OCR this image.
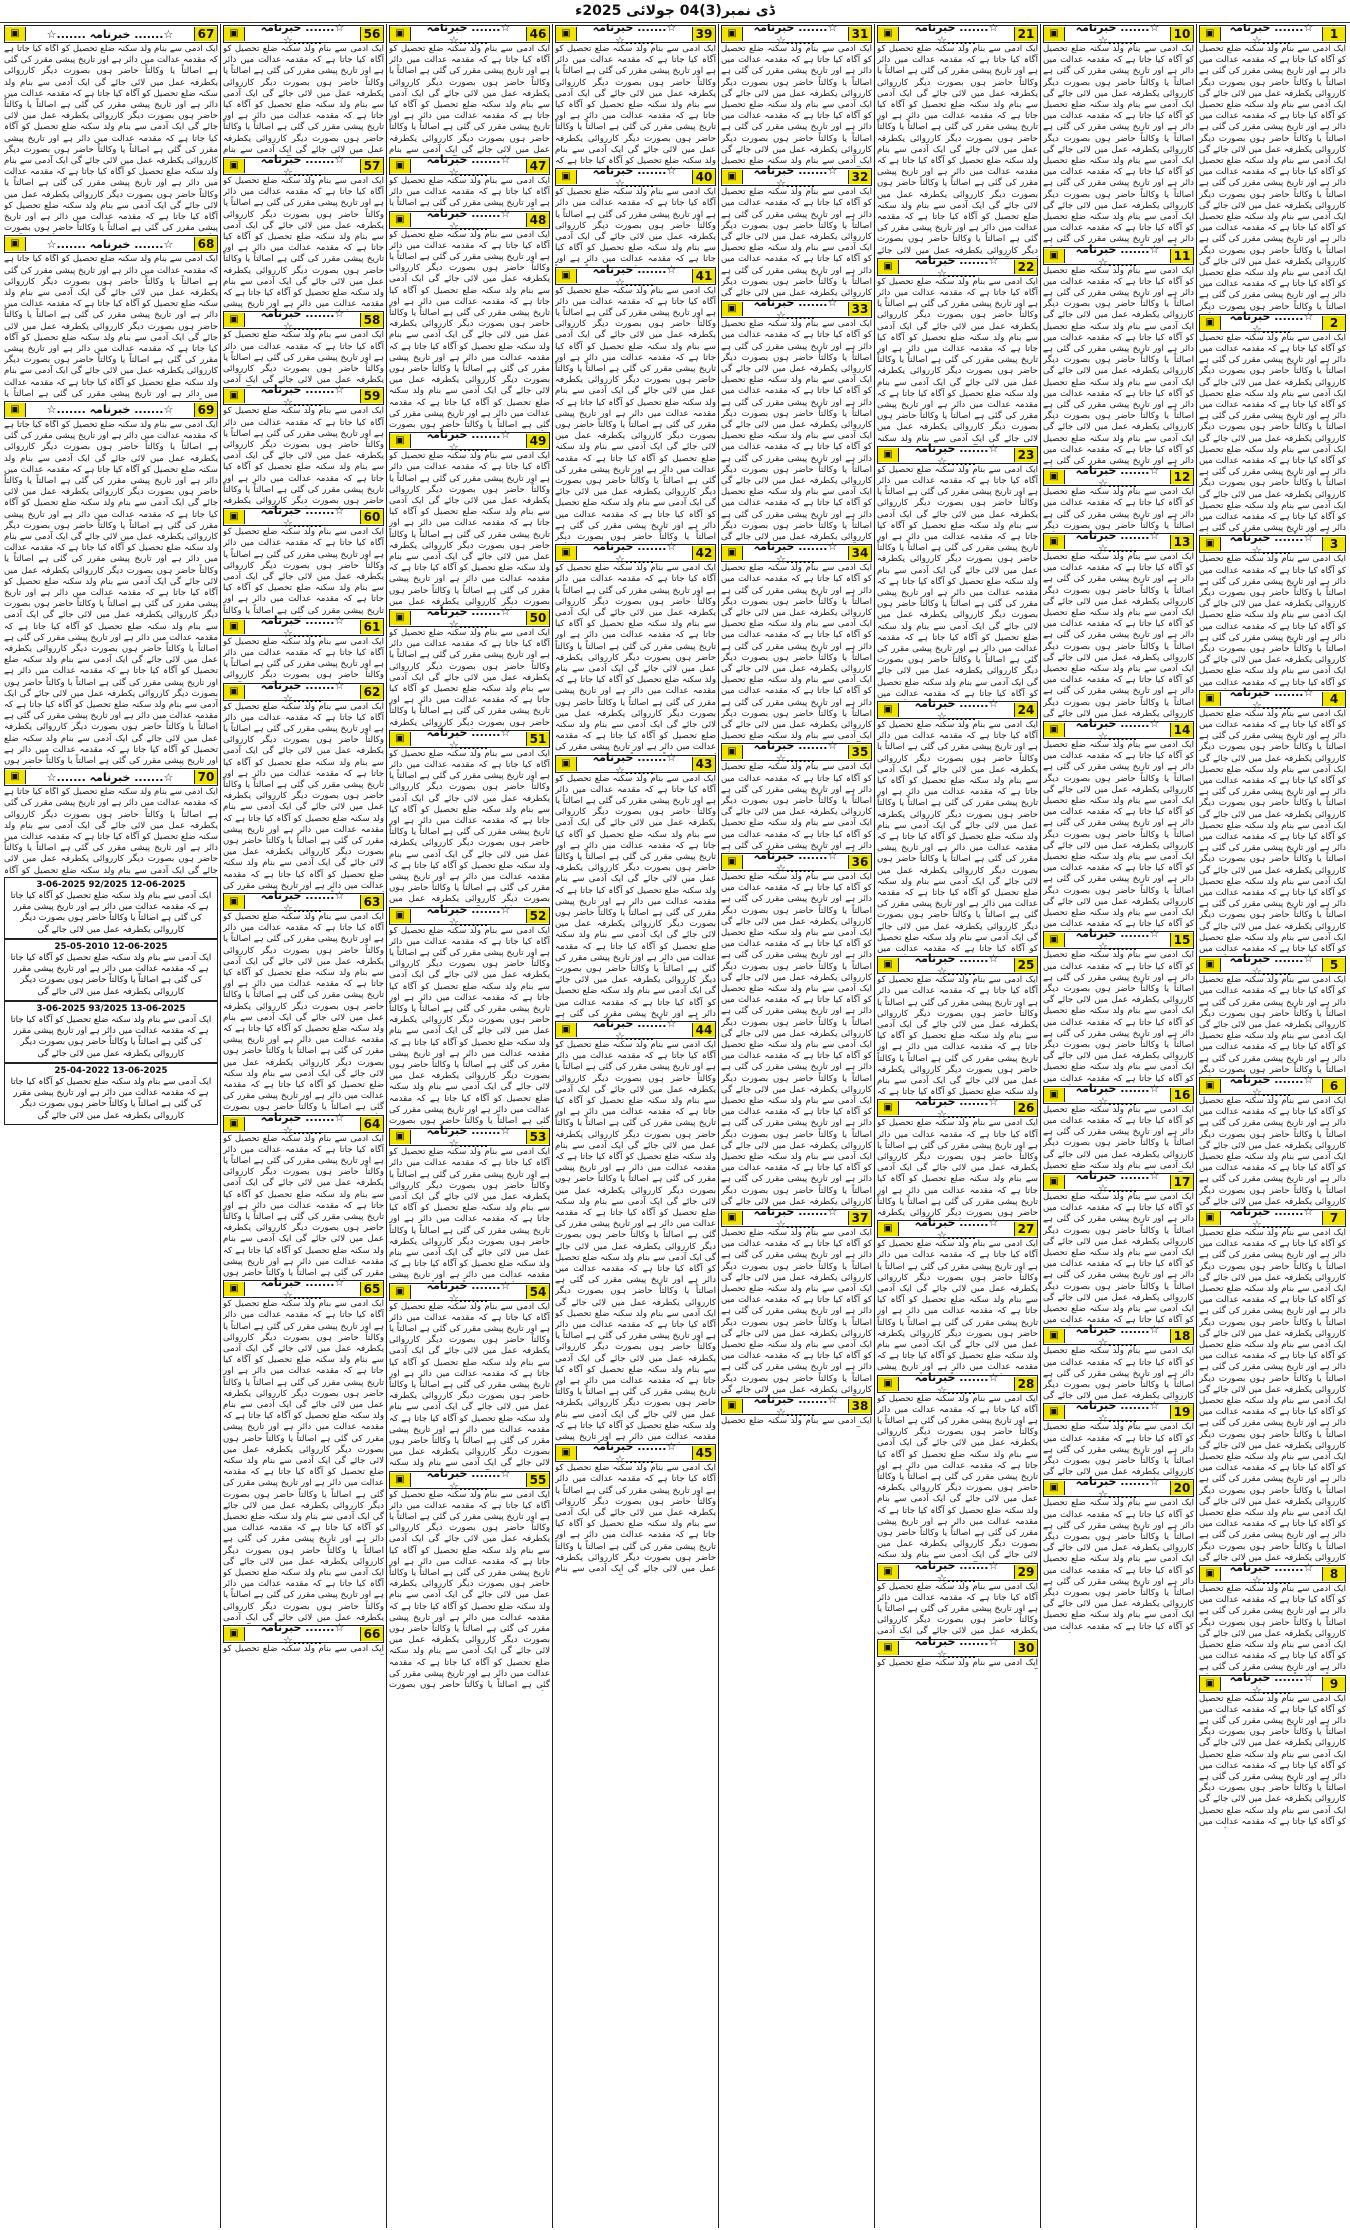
ڈی نمبر(3)04 جولائی 2025ء
1
☆....... خبرنامہ .......☆
▣
ایک آدمی سے بنام ولد سکنہ ضلع تحصیل کو آگاہ کیا جاتا ہے کہ مقدمہ عدالت میں دائر ہے اور تاریخ پیشی مقرر کی گئی ہے اصالتاً یا وکالتاً حاضر ہوں بصورت دیگر کارروائی یکطرفہ عمل میں لائی جائے گی ایک آدمی سے بنام ولد سکنہ ضلع تحصیل کو آگاہ کیا جاتا ہے کہ مقدمہ عدالت میں دائر ہے اور تاریخ پیشی مقرر کی گئی ہے اصالتاً یا وکالتاً حاضر ہوں بصورت دیگر کارروائی یکطرفہ عمل میں لائی جائے گی ایک آدمی سے بنام ولد سکنہ ضلع تحصیل کو آگاہ کیا جاتا ہے کہ مقدمہ عدالت میں دائر ہے اور تاریخ پیشی مقرر کی گئی ہے اصالتاً یا وکالتاً حاضر ہوں بصورت دیگر کارروائی یکطرفہ عمل میں لائی جائے گی ایک آدمی سے بنام ولد سکنہ ضلع تحصیل کو آگاہ کیا جاتا ہے کہ مقدمہ عدالت میں دائر ہے اور تاریخ پیشی مقرر کی گئی ہے اصالتاً یا وکالتاً حاضر ہوں بصورت دیگر کارروائی یکطرفہ عمل میں لائی جائے گی ایک آدمی سے بنام ولد سکنہ ضلع تحصیل کو آگاہ کیا جاتا ہے کہ مقدمہ عدالت میں دائر ہے اور تاریخ پیشی مقرر کی گئی ہے اصالتاً یا وکالتاً حاضر ہوں بصورت دیگر
2
☆....... خبرنامہ .......☆
▣
ایک آدمی سے بنام ولد سکنہ ضلع تحصیل کو آگاہ کیا جاتا ہے کہ مقدمہ عدالت میں دائر ہے اور تاریخ پیشی مقرر کی گئی ہے اصالتاً یا وکالتاً حاضر ہوں بصورت دیگر کارروائی یکطرفہ عمل میں لائی جائے گی ایک آدمی سے بنام ولد سکنہ ضلع تحصیل کو آگاہ کیا جاتا ہے کہ مقدمہ عدالت میں دائر ہے اور تاریخ پیشی مقرر کی گئی ہے اصالتاً یا وکالتاً حاضر ہوں بصورت دیگر کارروائی یکطرفہ عمل میں لائی جائے گی ایک آدمی سے بنام ولد سکنہ ضلع تحصیل کو آگاہ کیا جاتا ہے کہ مقدمہ عدالت میں دائر ہے اور تاریخ پیشی مقرر کی گئی ہے اصالتاً یا وکالتاً حاضر ہوں بصورت دیگر کارروائی یکطرفہ عمل میں لائی جائے گی ایک آدمی سے بنام ولد سکنہ ضلع تحصیل کو آگاہ کیا جاتا ہے کہ مقدمہ عدالت میں دائر ہے اور تاریخ پیشی مقرر کی گئی ہے
3
☆....... خبرنامہ .......☆
▣
ایک آدمی سے بنام ولد سکنہ ضلع تحصیل کو آگاہ کیا جاتا ہے کہ مقدمہ عدالت میں دائر ہے اور تاریخ پیشی مقرر کی گئی ہے اصالتاً یا وکالتاً حاضر ہوں بصورت دیگر کارروائی یکطرفہ عمل میں لائی جائے گی ایک آدمی سے بنام ولد سکنہ ضلع تحصیل کو آگاہ کیا جاتا ہے کہ مقدمہ عدالت میں دائر ہے اور تاریخ پیشی مقرر کی گئی ہے اصالتاً یا وکالتاً حاضر ہوں بصورت دیگر کارروائی یکطرفہ عمل میں لائی جائے گی ایک آدمی سے بنام ولد سکنہ ضلع تحصیل کو آگاہ کیا جاتا ہے کہ مقدمہ عدالت میں
4
☆....... خبرنامہ .......☆
▣
ایک آدمی سے بنام ولد سکنہ ضلع تحصیل کو آگاہ کیا جاتا ہے کہ مقدمہ عدالت میں دائر ہے اور تاریخ پیشی مقرر کی گئی ہے اصالتاً یا وکالتاً حاضر ہوں بصورت دیگر کارروائی یکطرفہ عمل میں لائی جائے گی ایک آدمی سے بنام ولد سکنہ ضلع تحصیل کو آگاہ کیا جاتا ہے کہ مقدمہ عدالت میں دائر ہے اور تاریخ پیشی مقرر کی گئی ہے اصالتاً یا وکالتاً حاضر ہوں بصورت دیگر کارروائی یکطرفہ عمل میں لائی جائے گی ایک آدمی سے بنام ولد سکنہ ضلع تحصیل کو آگاہ کیا جاتا ہے کہ مقدمہ عدالت میں دائر ہے اور تاریخ پیشی مقرر کی گئی ہے اصالتاً یا وکالتاً حاضر ہوں بصورت دیگر کارروائی یکطرفہ عمل میں لائی جائے گی ایک آدمی سے بنام ولد سکنہ ضلع تحصیل کو آگاہ کیا جاتا ہے کہ مقدمہ عدالت میں دائر ہے اور تاریخ پیشی مقرر کی گئی ہے اصالتاً یا وکالتاً حاضر ہوں بصورت دیگر کارروائی یکطرفہ عمل میں لائی جائے گی ایک آدمی سے بنام ولد سکنہ ضلع تحصیل کو آگاہ کیا جاتا ہے کہ مقدمہ عدالت میں
5
☆....... خبرنامہ .......☆
▣
ایک آدمی سے بنام ولد سکنہ ضلع تحصیل کو آگاہ کیا جاتا ہے کہ مقدمہ عدالت میں دائر ہے اور تاریخ پیشی مقرر کی گئی ہے اصالتاً یا وکالتاً حاضر ہوں بصورت دیگر کارروائی یکطرفہ عمل میں لائی جائے گی ایک آدمی سے بنام ولد سکنہ ضلع تحصیل کو آگاہ کیا جاتا ہے کہ مقدمہ عدالت میں دائر ہے اور تاریخ پیشی مقرر کی گئی ہے اصالتاً یا وکالتاً حاضر ہوں بصورت دیگر
6
☆....... خبرنامہ .......☆
▣
ایک آدمی سے بنام ولد سکنہ ضلع تحصیل کو آگاہ کیا جاتا ہے کہ مقدمہ عدالت میں دائر ہے اور تاریخ پیشی مقرر کی گئی ہے اصالتاً یا وکالتاً حاضر ہوں بصورت دیگر کارروائی یکطرفہ عمل میں لائی جائے گی ایک آدمی سے بنام ولد سکنہ ضلع تحصیل کو آگاہ کیا جاتا ہے کہ مقدمہ عدالت میں دائر ہے اور تاریخ پیشی مقرر کی گئی ہے اصالتاً یا وکالتاً حاضر ہوں بصورت دیگر کارروائی یکطرفہ عمل میں لائی جائے گی
7
☆....... خبرنامہ .......☆
▣
ایک آدمی سے بنام ولد سکنہ ضلع تحصیل کو آگاہ کیا جاتا ہے کہ مقدمہ عدالت میں دائر ہے اور تاریخ پیشی مقرر کی گئی ہے اصالتاً یا وکالتاً حاضر ہوں بصورت دیگر کارروائی یکطرفہ عمل میں لائی جائے گی ایک آدمی سے بنام ولد سکنہ ضلع تحصیل کو آگاہ کیا جاتا ہے کہ مقدمہ عدالت میں دائر ہے اور تاریخ پیشی مقرر کی گئی ہے اصالتاً یا وکالتاً حاضر ہوں بصورت دیگر کارروائی یکطرفہ عمل میں لائی جائے گی ایک آدمی سے بنام ولد سکنہ ضلع تحصیل کو آگاہ کیا جاتا ہے کہ مقدمہ عدالت میں دائر ہے اور تاریخ پیشی مقرر کی گئی ہے اصالتاً یا وکالتاً حاضر ہوں بصورت دیگر کارروائی یکطرفہ عمل میں لائی جائے گی ایک آدمی سے بنام ولد سکنہ ضلع تحصیل کو آگاہ کیا جاتا ہے کہ مقدمہ عدالت میں دائر ہے اور تاریخ پیشی مقرر کی گئی ہے اصالتاً یا وکالتاً حاضر ہوں بصورت دیگر کارروائی یکطرفہ عمل میں لائی جائے گی ایک آدمی سے بنام ولد سکنہ ضلع تحصیل کو آگاہ کیا جاتا ہے کہ مقدمہ عدالت میں دائر ہے اور تاریخ پیشی مقرر کی گئی ہے اصالتاً یا وکالتاً حاضر ہوں بصورت دیگر کارروائی یکطرفہ عمل میں لائی جائے گی ایک آدمی سے بنام ولد سکنہ ضلع تحصیل کو آگاہ کیا جاتا ہے کہ مقدمہ عدالت میں دائر ہے اور تاریخ پیشی مقرر کی گئی ہے اصالتاً یا وکالتاً حاضر ہوں بصورت دیگر کارروائی یکطرفہ عمل میں لائی جائے گی
8
☆....... خبرنامہ .......☆
▣
ایک آدمی سے بنام ولد سکنہ ضلع تحصیل کو آگاہ کیا جاتا ہے کہ مقدمہ عدالت میں دائر ہے اور تاریخ پیشی مقرر کی گئی ہے اصالتاً یا وکالتاً حاضر ہوں بصورت دیگر کارروائی یکطرفہ عمل میں لائی جائے گی ایک آدمی سے بنام ولد سکنہ ضلع تحصیل کو آگاہ کیا جاتا ہے کہ مقدمہ عدالت میں دائر ہے اور تاریخ پیشی مقرر کی گئی ہے
9
☆....... خبرنامہ .......☆
▣
ایک آدمی سے بنام ولد سکنہ ضلع تحصیل کو آگاہ کیا جاتا ہے کہ مقدمہ عدالت میں دائر ہے اور تاریخ پیشی مقرر کی گئی ہے اصالتاً یا وکالتاً حاضر ہوں بصورت دیگر کارروائی یکطرفہ عمل میں لائی جائے گی ایک آدمی سے بنام ولد سکنہ ضلع تحصیل کو آگاہ کیا جاتا ہے کہ مقدمہ عدالت میں دائر ہے اور تاریخ پیشی مقرر کی گئی ہے اصالتاً یا وکالتاً حاضر ہوں بصورت دیگر کارروائی یکطرفہ عمل میں لائی جائے گی ایک آدمی سے بنام ولد سکنہ ضلع تحصیل کو آگاہ کیا جاتا ہے کہ مقدمہ عدالت میں
10
☆....... خبرنامہ .......☆
▣
ایک آدمی سے بنام ولد سکنہ ضلع تحصیل کو آگاہ کیا جاتا ہے کہ مقدمہ عدالت میں دائر ہے اور تاریخ پیشی مقرر کی گئی ہے اصالتاً یا وکالتاً حاضر ہوں بصورت دیگر کارروائی یکطرفہ عمل میں لائی جائے گی ایک آدمی سے بنام ولد سکنہ ضلع تحصیل کو آگاہ کیا جاتا ہے کہ مقدمہ عدالت میں دائر ہے اور تاریخ پیشی مقرر کی گئی ہے اصالتاً یا وکالتاً حاضر ہوں بصورت دیگر کارروائی یکطرفہ عمل میں لائی جائے گی ایک آدمی سے بنام ولد سکنہ ضلع تحصیل کو آگاہ کیا جاتا ہے کہ مقدمہ عدالت میں دائر ہے اور تاریخ پیشی مقرر کی گئی ہے اصالتاً یا وکالتاً حاضر ہوں بصورت دیگر کارروائی یکطرفہ عمل میں لائی جائے گی ایک آدمی سے بنام ولد سکنہ ضلع تحصیل کو آگاہ کیا جاتا ہے کہ مقدمہ عدالت میں دائر ہے اور تاریخ پیشی مقرر کی گئی ہے
11
☆....... خبرنامہ .......☆
▣
ایک آدمی سے بنام ولد سکنہ ضلع تحصیل کو آگاہ کیا جاتا ہے کہ مقدمہ عدالت میں دائر ہے اور تاریخ پیشی مقرر کی گئی ہے اصالتاً یا وکالتاً حاضر ہوں بصورت دیگر کارروائی یکطرفہ عمل میں لائی جائے گی ایک آدمی سے بنام ولد سکنہ ضلع تحصیل کو آگاہ کیا جاتا ہے کہ مقدمہ عدالت میں دائر ہے اور تاریخ پیشی مقرر کی گئی ہے اصالتاً یا وکالتاً حاضر ہوں بصورت دیگر کارروائی یکطرفہ عمل میں لائی جائے گی ایک آدمی سے بنام ولد سکنہ ضلع تحصیل کو آگاہ کیا جاتا ہے کہ مقدمہ عدالت میں دائر ہے اور تاریخ پیشی مقرر کی گئی ہے اصالتاً یا وکالتاً حاضر ہوں بصورت دیگر کارروائی یکطرفہ عمل میں لائی جائے گی ایک آدمی سے بنام ولد سکنہ ضلع تحصیل کو آگاہ کیا جاتا ہے کہ مقدمہ عدالت میں دائر ہے اور تاریخ پیشی مقرر کی گئی ہے
12
☆....... خبرنامہ .......☆
▣
ایک آدمی سے بنام ولد سکنہ ضلع تحصیل کو آگاہ کیا جاتا ہے کہ مقدمہ عدالت میں دائر ہے اور تاریخ پیشی مقرر کی گئی ہے اصالتاً یا وکالتاً حاضر ہوں بصورت دیگر
13
☆....... خبرنامہ .......☆
▣
ایک آدمی سے بنام ولد سکنہ ضلع تحصیل کو آگاہ کیا جاتا ہے کہ مقدمہ عدالت میں دائر ہے اور تاریخ پیشی مقرر کی گئی ہے اصالتاً یا وکالتاً حاضر ہوں بصورت دیگر کارروائی یکطرفہ عمل میں لائی جائے گی ایک آدمی سے بنام ولد سکنہ ضلع تحصیل کو آگاہ کیا جاتا ہے کہ مقدمہ عدالت میں دائر ہے اور تاریخ پیشی مقرر کی گئی ہے اصالتاً یا وکالتاً حاضر ہوں بصورت دیگر کارروائی یکطرفہ عمل میں لائی جائے گی ایک آدمی سے بنام ولد سکنہ ضلع تحصیل کو آگاہ کیا جاتا ہے کہ مقدمہ عدالت میں دائر ہے اور تاریخ پیشی مقرر کی گئی ہے اصالتاً یا وکالتاً حاضر ہوں بصورت دیگر کارروائی یکطرفہ عمل میں لائی جائے گی
14
☆....... خبرنامہ .......☆
▣
ایک آدمی سے بنام ولد سکنہ ضلع تحصیل کو آگاہ کیا جاتا ہے کہ مقدمہ عدالت میں دائر ہے اور تاریخ پیشی مقرر کی گئی ہے اصالتاً یا وکالتاً حاضر ہوں بصورت دیگر کارروائی یکطرفہ عمل میں لائی جائے گی ایک آدمی سے بنام ولد سکنہ ضلع تحصیل کو آگاہ کیا جاتا ہے کہ مقدمہ عدالت میں دائر ہے اور تاریخ پیشی مقرر کی گئی ہے اصالتاً یا وکالتاً حاضر ہوں بصورت دیگر کارروائی یکطرفہ عمل میں لائی جائے گی ایک آدمی سے بنام ولد سکنہ ضلع تحصیل کو آگاہ کیا جاتا ہے کہ مقدمہ عدالت میں دائر ہے اور تاریخ پیشی مقرر کی گئی ہے اصالتاً یا وکالتاً حاضر ہوں بصورت دیگر کارروائی یکطرفہ عمل میں لائی جائے گی ایک آدمی سے بنام ولد سکنہ ضلع تحصیل کو آگاہ کیا جاتا ہے کہ مقدمہ عدالت میں
15
☆....... خبرنامہ .......☆
▣
ایک آدمی سے بنام ولد سکنہ ضلع تحصیل کو آگاہ کیا جاتا ہے کہ مقدمہ عدالت میں دائر ہے اور تاریخ پیشی مقرر کی گئی ہے اصالتاً یا وکالتاً حاضر ہوں بصورت دیگر کارروائی یکطرفہ عمل میں لائی جائے گی ایک آدمی سے بنام ولد سکنہ ضلع تحصیل کو آگاہ کیا جاتا ہے کہ مقدمہ عدالت میں دائر ہے اور تاریخ پیشی مقرر کی گئی ہے اصالتاً یا وکالتاً حاضر ہوں بصورت دیگر کارروائی یکطرفہ عمل میں لائی جائے گی ایک آدمی سے بنام ولد سکنہ ضلع تحصیل کو آگاہ کیا جاتا ہے کہ مقدمہ عدالت میں
16
☆....... خبرنامہ .......☆
▣
ایک آدمی سے بنام ولد سکنہ ضلع تحصیل کو آگاہ کیا جاتا ہے کہ مقدمہ عدالت میں دائر ہے اور تاریخ پیشی مقرر کی گئی ہے اصالتاً یا وکالتاً حاضر ہوں بصورت دیگر کارروائی یکطرفہ عمل میں لائی جائے گی ایک آدمی سے بنام ولد سکنہ ضلع تحصیل
17
☆....... خبرنامہ .......☆
▣
ایک آدمی سے بنام ولد سکنہ ضلع تحصیل کو آگاہ کیا جاتا ہے کہ مقدمہ عدالت میں دائر ہے اور تاریخ پیشی مقرر کی گئی ہے اصالتاً یا وکالتاً حاضر ہوں بصورت دیگر کارروائی یکطرفہ عمل میں لائی جائے گی ایک آدمی سے بنام ولد سکنہ ضلع تحصیل کو آگاہ کیا جاتا ہے کہ مقدمہ عدالت میں دائر ہے اور تاریخ پیشی مقرر کی گئی ہے اصالتاً یا وکالتاً حاضر ہوں بصورت دیگر کارروائی یکطرفہ عمل میں لائی جائے گی ایک آدمی سے بنام ولد سکنہ ضلع تحصیل کو آگاہ کیا جاتا ہے کہ مقدمہ عدالت میں
18
☆....... خبرنامہ .......☆
▣
ایک آدمی سے بنام ولد سکنہ ضلع تحصیل کو آگاہ کیا جاتا ہے کہ مقدمہ عدالت میں دائر ہے اور تاریخ پیشی مقرر کی گئی ہے اصالتاً یا وکالتاً حاضر ہوں بصورت دیگر کارروائی یکطرفہ عمل میں لائی جائے گی
19
☆....... خبرنامہ .......☆
▣
ایک آدمی سے بنام ولد سکنہ ضلع تحصیل کو آگاہ کیا جاتا ہے کہ مقدمہ عدالت میں دائر ہے اور تاریخ پیشی مقرر کی گئی ہے اصالتاً یا وکالتاً حاضر ہوں بصورت دیگر کارروائی یکطرفہ عمل میں لائی جائے گی
20
☆....... خبرنامہ .......☆
▣
ایک آدمی سے بنام ولد سکنہ ضلع تحصیل کو آگاہ کیا جاتا ہے کہ مقدمہ عدالت میں دائر ہے اور تاریخ پیشی مقرر کی گئی ہے اصالتاً یا وکالتاً حاضر ہوں بصورت دیگر کارروائی یکطرفہ عمل میں لائی جائے گی ایک آدمی سے بنام ولد سکنہ ضلع تحصیل کو آگاہ کیا جاتا ہے کہ مقدمہ عدالت میں دائر ہے اور تاریخ پیشی مقرر کی گئی ہے اصالتاً یا وکالتاً حاضر ہوں بصورت دیگر کارروائی یکطرفہ عمل میں لائی جائے گی ایک آدمی سے بنام ولد سکنہ ضلع تحصیل کو آگاہ کیا جاتا ہے کہ مقدمہ عدالت میں
21
☆....... خبرنامہ .......☆
▣
ایک آدمی سے بنام ولد سکنہ ضلع تحصیل کو آگاہ کیا جاتا ہے کہ مقدمہ عدالت میں دائر ہے اور تاریخ پیشی مقرر کی گئی ہے اصالتاً یا وکالتاً حاضر ہوں بصورت دیگر کارروائی یکطرفہ عمل میں لائی جائے گی ایک آدمی سے بنام ولد سکنہ ضلع تحصیل کو آگاہ کیا جاتا ہے کہ مقدمہ عدالت میں دائر ہے اور تاریخ پیشی مقرر کی گئی ہے اصالتاً یا وکالتاً حاضر ہوں بصورت دیگر کارروائی یکطرفہ عمل میں لائی جائے گی ایک آدمی سے بنام ولد سکنہ ضلع تحصیل کو آگاہ کیا جاتا ہے کہ مقدمہ عدالت میں دائر ہے اور تاریخ پیشی مقرر کی گئی ہے اصالتاً یا وکالتاً حاضر ہوں بصورت دیگر کارروائی یکطرفہ عمل میں لائی جائے گی ایک آدمی سے بنام ولد سکنہ ضلع تحصیل کو آگاہ کیا جاتا ہے کہ مقدمہ عدالت میں دائر ہے اور تاریخ پیشی مقرر کی گئی ہے اصالتاً یا وکالتاً حاضر ہوں بصورت دیگر کارروائی یکطرفہ عمل میں لائی جائے
22
☆....... خبرنامہ .......☆
▣
ایک آدمی سے بنام ولد سکنہ ضلع تحصیل کو آگاہ کیا جاتا ہے کہ مقدمہ عدالت میں دائر ہے اور تاریخ پیشی مقرر کی گئی ہے اصالتاً یا وکالتاً حاضر ہوں بصورت دیگر کارروائی یکطرفہ عمل میں لائی جائے گی ایک آدمی سے بنام ولد سکنہ ضلع تحصیل کو آگاہ کیا جاتا ہے کہ مقدمہ عدالت میں دائر ہے اور تاریخ پیشی مقرر کی گئی ہے اصالتاً یا وکالتاً حاضر ہوں بصورت دیگر کارروائی یکطرفہ عمل میں لائی جائے گی ایک آدمی سے بنام ولد سکنہ ضلع تحصیل کو آگاہ کیا جاتا ہے کہ مقدمہ عدالت میں دائر ہے اور تاریخ پیشی مقرر کی گئی ہے اصالتاً یا وکالتاً حاضر ہوں بصورت دیگر کارروائی یکطرفہ عمل میں لائی جائے گی ایک آدمی سے بنام ولد سکنہ
23
☆....... خبرنامہ .......☆
▣
ایک آدمی سے بنام ولد سکنہ ضلع تحصیل کو آگاہ کیا جاتا ہے کہ مقدمہ عدالت میں دائر ہے اور تاریخ پیشی مقرر کی گئی ہے اصالتاً یا وکالتاً حاضر ہوں بصورت دیگر کارروائی یکطرفہ عمل میں لائی جائے گی ایک آدمی سے بنام ولد سکنہ ضلع تحصیل کو آگاہ کیا جاتا ہے کہ مقدمہ عدالت میں دائر ہے اور تاریخ پیشی مقرر کی گئی ہے اصالتاً یا وکالتاً حاضر ہوں بصورت دیگر کارروائی یکطرفہ عمل میں لائی جائے گی ایک آدمی سے بنام ولد سکنہ ضلع تحصیل کو آگاہ کیا جاتا ہے کہ مقدمہ عدالت میں دائر ہے اور تاریخ پیشی مقرر کی گئی ہے اصالتاً یا وکالتاً حاضر ہوں بصورت دیگر کارروائی یکطرفہ عمل میں لائی جائے گی ایک آدمی سے بنام ولد سکنہ ضلع تحصیل کو آگاہ کیا جاتا ہے کہ مقدمہ عدالت میں دائر ہے اور تاریخ پیشی مقرر کی گئی ہے اصالتاً یا وکالتاً حاضر ہوں بصورت دیگر کارروائی یکطرفہ عمل میں لائی جائے گی ایک آدمی سے بنام ولد سکنہ ضلع تحصیل کو آگاہ کیا جاتا ہے کہ مقدمہ عدالت میں
24
☆....... خبرنامہ .......☆
▣
ایک آدمی سے بنام ولد سکنہ ضلع تحصیل کو آگاہ کیا جاتا ہے کہ مقدمہ عدالت میں دائر ہے اور تاریخ پیشی مقرر کی گئی ہے اصالتاً یا وکالتاً حاضر ہوں بصورت دیگر کارروائی یکطرفہ عمل میں لائی جائے گی ایک آدمی سے بنام ولد سکنہ ضلع تحصیل کو آگاہ کیا جاتا ہے کہ مقدمہ عدالت میں دائر ہے اور تاریخ پیشی مقرر کی گئی ہے اصالتاً یا وکالتاً حاضر ہوں بصورت دیگر کارروائی یکطرفہ عمل میں لائی جائے گی ایک آدمی سے بنام ولد سکنہ ضلع تحصیل کو آگاہ کیا جاتا ہے کہ مقدمہ عدالت میں دائر ہے اور تاریخ پیشی مقرر کی گئی ہے اصالتاً یا وکالتاً حاضر ہوں بصورت دیگر کارروائی یکطرفہ عمل میں لائی جائے گی ایک آدمی سے بنام ولد سکنہ ضلع تحصیل کو آگاہ کیا جاتا ہے کہ مقدمہ عدالت میں دائر ہے اور تاریخ پیشی مقرر کی گئی ہے اصالتاً یا وکالتاً حاضر ہوں بصورت دیگر کارروائی یکطرفہ عمل میں لائی جائے گی ایک آدمی سے بنام ولد سکنہ ضلع تحصیل کو آگاہ کیا جاتا ہے کہ مقدمہ عدالت میں
25
☆....... خبرنامہ .......☆
▣
ایک آدمی سے بنام ولد سکنہ ضلع تحصیل کو آگاہ کیا جاتا ہے کہ مقدمہ عدالت میں دائر ہے اور تاریخ پیشی مقرر کی گئی ہے اصالتاً یا وکالتاً حاضر ہوں بصورت دیگر کارروائی یکطرفہ عمل میں لائی جائے گی ایک آدمی سے بنام ولد سکنہ ضلع تحصیل کو آگاہ کیا جاتا ہے کہ مقدمہ عدالت میں دائر ہے اور تاریخ پیشی مقرر کی گئی ہے اصالتاً یا وکالتاً حاضر ہوں بصورت دیگر کارروائی یکطرفہ عمل میں لائی جائے گی ایک آدمی سے بنام ولد سکنہ ضلع تحصیل کو آگاہ کیا جاتا ہے کہ
26
☆....... خبرنامہ .......☆
▣
ایک آدمی سے بنام ولد سکنہ ضلع تحصیل کو آگاہ کیا جاتا ہے کہ مقدمہ عدالت میں دائر ہے اور تاریخ پیشی مقرر کی گئی ہے اصالتاً یا وکالتاً حاضر ہوں بصورت دیگر کارروائی یکطرفہ عمل میں لائی جائے گی ایک آدمی سے بنام ولد سکنہ ضلع تحصیل کو آگاہ کیا جاتا ہے کہ مقدمہ عدالت میں دائر ہے اور تاریخ پیشی مقرر کی گئی ہے اصالتاً یا وکالتاً حاضر ہوں بصورت دیگر کارروائی یکطرفہ
27
☆....... خبرنامہ .......☆
▣
ایک آدمی سے بنام ولد سکنہ ضلع تحصیل کو آگاہ کیا جاتا ہے کہ مقدمہ عدالت میں دائر ہے اور تاریخ پیشی مقرر کی گئی ہے اصالتاً یا وکالتاً حاضر ہوں بصورت دیگر کارروائی یکطرفہ عمل میں لائی جائے گی ایک آدمی سے بنام ولد سکنہ ضلع تحصیل کو آگاہ کیا جاتا ہے کہ مقدمہ عدالت میں دائر ہے اور تاریخ پیشی مقرر کی گئی ہے اصالتاً یا وکالتاً حاضر ہوں بصورت دیگر کارروائی یکطرفہ عمل میں لائی جائے گی ایک آدمی سے بنام ولد سکنہ ضلع تحصیل کو آگاہ کیا جاتا ہے کہ مقدمہ عدالت میں دائر ہے اور تاریخ پیشی
28
☆....... خبرنامہ .......☆
▣
ایک آدمی سے بنام ولد سکنہ ضلع تحصیل کو آگاہ کیا جاتا ہے کہ مقدمہ عدالت میں دائر ہے اور تاریخ پیشی مقرر کی گئی ہے اصالتاً یا وکالتاً حاضر ہوں بصورت دیگر کارروائی یکطرفہ عمل میں لائی جائے گی ایک آدمی سے بنام ولد سکنہ ضلع تحصیل کو آگاہ کیا جاتا ہے کہ مقدمہ عدالت میں دائر ہے اور تاریخ پیشی مقرر کی گئی ہے اصالتاً یا وکالتاً حاضر ہوں بصورت دیگر کارروائی یکطرفہ عمل میں لائی جائے گی ایک آدمی سے بنام ولد سکنہ ضلع تحصیل کو آگاہ کیا جاتا ہے کہ مقدمہ عدالت میں دائر ہے اور تاریخ پیشی مقرر کی گئی ہے اصالتاً یا وکالتاً حاضر ہوں بصورت دیگر کارروائی یکطرفہ عمل میں لائی جائے گی ایک آدمی سے بنام ولد سکنہ
29
☆....... خبرنامہ .......☆
▣
ایک آدمی سے بنام ولد سکنہ ضلع تحصیل کو آگاہ کیا جاتا ہے کہ مقدمہ عدالت میں دائر ہے اور تاریخ پیشی مقرر کی گئی ہے اصالتاً یا وکالتاً حاضر ہوں بصورت دیگر کارروائی یکطرفہ عمل میں لائی جائے گی ایک آدمی
30
☆....... خبرنامہ .......☆
▣
ایک آدمی سے بنام ولد سکنہ ضلع تحصیل کو
31
☆....... خبرنامہ .......☆
▣
ایک آدمی سے بنام ولد سکنہ ضلع تحصیل کو آگاہ کیا جاتا ہے کہ مقدمہ عدالت میں دائر ہے اور تاریخ پیشی مقرر کی گئی ہے اصالتاً یا وکالتاً حاضر ہوں بصورت دیگر کارروائی یکطرفہ عمل میں لائی جائے گی ایک آدمی سے بنام ولد سکنہ ضلع تحصیل کو آگاہ کیا جاتا ہے کہ مقدمہ عدالت میں دائر ہے اور تاریخ پیشی مقرر کی گئی ہے اصالتاً یا وکالتاً حاضر ہوں بصورت دیگر کارروائی یکطرفہ عمل میں لائی جائے گی ایک آدمی سے بنام ولد سکنہ ضلع تحصیل
32
☆....... خبرنامہ .......☆
▣
ایک آدمی سے بنام ولد سکنہ ضلع تحصیل کو آگاہ کیا جاتا ہے کہ مقدمہ عدالت میں دائر ہے اور تاریخ پیشی مقرر کی گئی ہے اصالتاً یا وکالتاً حاضر ہوں بصورت دیگر کارروائی یکطرفہ عمل میں لائی جائے گی ایک آدمی سے بنام ولد سکنہ ضلع تحصیل کو آگاہ کیا جاتا ہے کہ مقدمہ عدالت میں دائر ہے اور تاریخ پیشی مقرر کی گئی ہے اصالتاً یا وکالتاً حاضر ہوں بصورت دیگر کارروائی یکطرفہ عمل میں لائی جائے گی
33
☆....... خبرنامہ .......☆
▣
ایک آدمی سے بنام ولد سکنہ ضلع تحصیل کو آگاہ کیا جاتا ہے کہ مقدمہ عدالت میں دائر ہے اور تاریخ پیشی مقرر کی گئی ہے اصالتاً یا وکالتاً حاضر ہوں بصورت دیگر کارروائی یکطرفہ عمل میں لائی جائے گی ایک آدمی سے بنام ولد سکنہ ضلع تحصیل کو آگاہ کیا جاتا ہے کہ مقدمہ عدالت میں دائر ہے اور تاریخ پیشی مقرر کی گئی ہے اصالتاً یا وکالتاً حاضر ہوں بصورت دیگر کارروائی یکطرفہ عمل میں لائی جائے گی ایک آدمی سے بنام ولد سکنہ ضلع تحصیل کو آگاہ کیا جاتا ہے کہ مقدمہ عدالت میں دائر ہے اور تاریخ پیشی مقرر کی گئی ہے اصالتاً یا وکالتاً حاضر ہوں بصورت دیگر کارروائی یکطرفہ عمل میں لائی جائے گی ایک آدمی سے بنام ولد سکنہ ضلع تحصیل کو آگاہ کیا جاتا ہے کہ مقدمہ عدالت میں دائر ہے اور تاریخ پیشی مقرر کی گئی ہے اصالتاً یا وکالتاً حاضر ہوں بصورت دیگر کارروائی یکطرفہ عمل میں لائی جائے گی
34
☆....... خبرنامہ .......☆
▣
ایک آدمی سے بنام ولد سکنہ ضلع تحصیل کو آگاہ کیا جاتا ہے کہ مقدمہ عدالت میں دائر ہے اور تاریخ پیشی مقرر کی گئی ہے اصالتاً یا وکالتاً حاضر ہوں بصورت دیگر کارروائی یکطرفہ عمل میں لائی جائے گی ایک آدمی سے بنام ولد سکنہ ضلع تحصیل کو آگاہ کیا جاتا ہے کہ مقدمہ عدالت میں دائر ہے اور تاریخ پیشی مقرر کی گئی ہے اصالتاً یا وکالتاً حاضر ہوں بصورت دیگر کارروائی یکطرفہ عمل میں لائی جائے گی ایک آدمی سے بنام ولد سکنہ ضلع تحصیل کو آگاہ کیا جاتا ہے کہ مقدمہ عدالت میں دائر ہے اور تاریخ پیشی مقرر کی گئی ہے اصالتاً یا وکالتاً حاضر ہوں بصورت دیگر کارروائی یکطرفہ عمل میں لائی جائے گی ایک آدمی سے بنام ولد سکنہ ضلع تحصیل
35
☆....... خبرنامہ .......☆
▣
ایک آدمی سے بنام ولد سکنہ ضلع تحصیل کو آگاہ کیا جاتا ہے کہ مقدمہ عدالت میں دائر ہے اور تاریخ پیشی مقرر کی گئی ہے اصالتاً یا وکالتاً حاضر ہوں بصورت دیگر کارروائی یکطرفہ عمل میں لائی جائے گی ایک آدمی سے بنام ولد سکنہ ضلع تحصیل کو آگاہ کیا جاتا ہے کہ مقدمہ عدالت میں دائر ہے اور تاریخ پیشی مقرر کی گئی ہے
36
☆....... خبرنامہ .......☆
▣
ایک آدمی سے بنام ولد سکنہ ضلع تحصیل کو آگاہ کیا جاتا ہے کہ مقدمہ عدالت میں دائر ہے اور تاریخ پیشی مقرر کی گئی ہے اصالتاً یا وکالتاً حاضر ہوں بصورت دیگر کارروائی یکطرفہ عمل میں لائی جائے گی ایک آدمی سے بنام ولد سکنہ ضلع تحصیل کو آگاہ کیا جاتا ہے کہ مقدمہ عدالت میں دائر ہے اور تاریخ پیشی مقرر کی گئی ہے اصالتاً یا وکالتاً حاضر ہوں بصورت دیگر کارروائی یکطرفہ عمل میں لائی جائے گی ایک آدمی سے بنام ولد سکنہ ضلع تحصیل کو آگاہ کیا جاتا ہے کہ مقدمہ عدالت میں دائر ہے اور تاریخ پیشی مقرر کی گئی ہے اصالتاً یا وکالتاً حاضر ہوں بصورت دیگر کارروائی یکطرفہ عمل میں لائی جائے گی ایک آدمی سے بنام ولد سکنہ ضلع تحصیل کو آگاہ کیا جاتا ہے کہ مقدمہ عدالت میں دائر ہے اور تاریخ پیشی مقرر کی گئی ہے اصالتاً یا وکالتاً حاضر ہوں بصورت دیگر کارروائی یکطرفہ عمل میں لائی جائے گی ایک آدمی سے بنام ولد سکنہ ضلع تحصیل کو آگاہ کیا جاتا ہے کہ مقدمہ عدالت میں دائر ہے اور تاریخ پیشی مقرر کی گئی ہے اصالتاً یا وکالتاً حاضر ہوں بصورت دیگر کارروائی یکطرفہ عمل میں لائی جائے گی ایک آدمی سے بنام ولد سکنہ ضلع تحصیل کو آگاہ کیا جاتا ہے کہ مقدمہ عدالت میں دائر ہے اور تاریخ پیشی مقرر کی گئی ہے اصالتاً یا وکالتاً حاضر ہوں بصورت دیگر کارروائی یکطرفہ عمل میں لائی جائے گی
37
☆....... خبرنامہ .......☆
▣
ایک آدمی سے بنام ولد سکنہ ضلع تحصیل کو آگاہ کیا جاتا ہے کہ مقدمہ عدالت میں دائر ہے اور تاریخ پیشی مقرر کی گئی ہے اصالتاً یا وکالتاً حاضر ہوں بصورت دیگر کارروائی یکطرفہ عمل میں لائی جائے گی ایک آدمی سے بنام ولد سکنہ ضلع تحصیل کو آگاہ کیا جاتا ہے کہ مقدمہ عدالت میں دائر ہے اور تاریخ پیشی مقرر کی گئی ہے اصالتاً یا وکالتاً حاضر ہوں بصورت دیگر کارروائی یکطرفہ عمل میں لائی جائے گی ایک آدمی سے بنام ولد سکنہ ضلع تحصیل کو آگاہ کیا جاتا ہے کہ مقدمہ عدالت میں دائر ہے اور تاریخ پیشی مقرر کی گئی ہے اصالتاً یا وکالتاً حاضر ہوں بصورت دیگر کارروائی یکطرفہ عمل میں لائی جائے گی
38
☆....... خبرنامہ .......☆
▣
ایک آدمی سے بنام ولد سکنہ ضلع تحصیل
39
☆....... خبرنامہ .......☆
▣
ایک آدمی سے بنام ولد سکنہ ضلع تحصیل کو آگاہ کیا جاتا ہے کہ مقدمہ عدالت میں دائر ہے اور تاریخ پیشی مقرر کی گئی ہے اصالتاً یا وکالتاً حاضر ہوں بصورت دیگر کارروائی یکطرفہ عمل میں لائی جائے گی ایک آدمی سے بنام ولد سکنہ ضلع تحصیل کو آگاہ کیا جاتا ہے کہ مقدمہ عدالت میں دائر ہے اور تاریخ پیشی مقرر کی گئی ہے اصالتاً یا وکالتاً حاضر ہوں بصورت دیگر کارروائی یکطرفہ عمل میں لائی جائے گی ایک آدمی سے بنام ولد سکنہ ضلع تحصیل کو آگاہ کیا جاتا ہے کہ
40
☆....... خبرنامہ .......☆
▣
ایک آدمی سے بنام ولد سکنہ ضلع تحصیل کو آگاہ کیا جاتا ہے کہ مقدمہ عدالت میں دائر ہے اور تاریخ پیشی مقرر کی گئی ہے اصالتاً یا وکالتاً حاضر ہوں بصورت دیگر کارروائی یکطرفہ عمل میں لائی جائے گی ایک آدمی سے بنام ولد سکنہ ضلع تحصیل کو آگاہ کیا جاتا ہے کہ مقدمہ عدالت میں دائر ہے اور
41
☆....... خبرنامہ .......☆
▣
ایک آدمی سے بنام ولد سکنہ ضلع تحصیل کو آگاہ کیا جاتا ہے کہ مقدمہ عدالت میں دائر ہے اور تاریخ پیشی مقرر کی گئی ہے اصالتاً یا وکالتاً حاضر ہوں بصورت دیگر کارروائی یکطرفہ عمل میں لائی جائے گی ایک آدمی سے بنام ولد سکنہ ضلع تحصیل کو آگاہ کیا جاتا ہے کہ مقدمہ عدالت میں دائر ہے اور تاریخ پیشی مقرر کی گئی ہے اصالتاً یا وکالتاً حاضر ہوں بصورت دیگر کارروائی یکطرفہ عمل میں لائی جائے گی ایک آدمی سے بنام ولد سکنہ ضلع تحصیل کو آگاہ کیا جاتا ہے کہ مقدمہ عدالت میں دائر ہے اور تاریخ پیشی مقرر کی گئی ہے اصالتاً یا وکالتاً حاضر ہوں بصورت دیگر کارروائی یکطرفہ عمل میں لائی جائے گی ایک آدمی سے بنام ولد سکنہ ضلع تحصیل کو آگاہ کیا جاتا ہے کہ مقدمہ عدالت میں دائر ہے اور تاریخ پیشی مقرر کی گئی ہے اصالتاً یا وکالتاً حاضر ہوں بصورت دیگر کارروائی یکطرفہ عمل میں لائی جائے گی ایک آدمی سے بنام ولد سکنہ ضلع تحصیل کو آگاہ کیا جاتا ہے کہ مقدمہ عدالت میں دائر ہے اور تاریخ پیشی مقرر کی گئی ہے اصالتاً یا وکالتاً حاضر ہوں بصورت دیگر
42
☆....... خبرنامہ .......☆
▣
ایک آدمی سے بنام ولد سکنہ ضلع تحصیل کو آگاہ کیا جاتا ہے کہ مقدمہ عدالت میں دائر ہے اور تاریخ پیشی مقرر کی گئی ہے اصالتاً یا وکالتاً حاضر ہوں بصورت دیگر کارروائی یکطرفہ عمل میں لائی جائے گی ایک آدمی سے بنام ولد سکنہ ضلع تحصیل کو آگاہ کیا جاتا ہے کہ مقدمہ عدالت میں دائر ہے اور تاریخ پیشی مقرر کی گئی ہے اصالتاً یا وکالتاً حاضر ہوں بصورت دیگر کارروائی یکطرفہ عمل میں لائی جائے گی ایک آدمی سے بنام ولد سکنہ ضلع تحصیل کو آگاہ کیا جاتا ہے کہ مقدمہ عدالت میں دائر ہے اور تاریخ پیشی مقرر کی گئی ہے اصالتاً یا وکالتاً حاضر ہوں بصورت دیگر کارروائی یکطرفہ عمل میں لائی جائے گی ایک آدمی سے بنام ولد سکنہ ضلع تحصیل کو آگاہ کیا جاتا ہے کہ مقدمہ عدالت میں دائر ہے اور تاریخ پیشی مقرر کی
43
☆....... خبرنامہ .......☆
▣
ایک آدمی سے بنام ولد سکنہ ضلع تحصیل کو آگاہ کیا جاتا ہے کہ مقدمہ عدالت میں دائر ہے اور تاریخ پیشی مقرر کی گئی ہے اصالتاً یا وکالتاً حاضر ہوں بصورت دیگر کارروائی یکطرفہ عمل میں لائی جائے گی ایک آدمی سے بنام ولد سکنہ ضلع تحصیل کو آگاہ کیا جاتا ہے کہ مقدمہ عدالت میں دائر ہے اور تاریخ پیشی مقرر کی گئی ہے اصالتاً یا وکالتاً حاضر ہوں بصورت دیگر کارروائی یکطرفہ عمل میں لائی جائے گی ایک آدمی سے بنام ولد سکنہ ضلع تحصیل کو آگاہ کیا جاتا ہے کہ مقدمہ عدالت میں دائر ہے اور تاریخ پیشی مقرر کی گئی ہے اصالتاً یا وکالتاً حاضر ہوں بصورت دیگر کارروائی یکطرفہ عمل میں لائی جائے گی ایک آدمی سے بنام ولد سکنہ ضلع تحصیل کو آگاہ کیا جاتا ہے کہ مقدمہ عدالت میں دائر ہے اور تاریخ پیشی مقرر کی گئی ہے اصالتاً یا وکالتاً حاضر ہوں بصورت دیگر کارروائی یکطرفہ عمل میں لائی جائے گی ایک آدمی سے بنام ولد سکنہ ضلع تحصیل کو آگاہ کیا جاتا ہے کہ مقدمہ عدالت میں دائر ہے اور تاریخ پیشی مقرر کی گئی ہے
44
☆....... خبرنامہ .......☆
▣
ایک آدمی سے بنام ولد سکنہ ضلع تحصیل کو آگاہ کیا جاتا ہے کہ مقدمہ عدالت میں دائر ہے اور تاریخ پیشی مقرر کی گئی ہے اصالتاً یا وکالتاً حاضر ہوں بصورت دیگر کارروائی یکطرفہ عمل میں لائی جائے گی ایک آدمی سے بنام ولد سکنہ ضلع تحصیل کو آگاہ کیا جاتا ہے کہ مقدمہ عدالت میں دائر ہے اور تاریخ پیشی مقرر کی گئی ہے اصالتاً یا وکالتاً حاضر ہوں بصورت دیگر کارروائی یکطرفہ عمل میں لائی جائے گی ایک آدمی سے بنام ولد سکنہ ضلع تحصیل کو آگاہ کیا جاتا ہے کہ مقدمہ عدالت میں دائر ہے اور تاریخ پیشی مقرر کی گئی ہے اصالتاً یا وکالتاً حاضر ہوں بصورت دیگر کارروائی یکطرفہ عمل میں لائی جائے گی ایک آدمی سے بنام ولد سکنہ ضلع تحصیل کو آگاہ کیا جاتا ہے کہ مقدمہ عدالت میں دائر ہے اور تاریخ پیشی مقرر کی گئی ہے اصالتاً یا وکالتاً حاضر ہوں بصورت دیگر کارروائی یکطرفہ عمل میں لائی جائے گی ایک آدمی سے بنام ولد سکنہ ضلع تحصیل کو آگاہ کیا جاتا ہے کہ مقدمہ عدالت میں دائر ہے اور تاریخ پیشی مقرر کی گئی ہے اصالتاً یا وکالتاً حاضر ہوں بصورت دیگر کارروائی یکطرفہ عمل میں لائی جائے گی ایک آدمی سے بنام ولد سکنہ ضلع تحصیل کو آگاہ کیا جاتا ہے کہ مقدمہ عدالت میں دائر ہے اور تاریخ پیشی مقرر کی گئی ہے اصالتاً یا وکالتاً حاضر ہوں بصورت دیگر کارروائی یکطرفہ عمل میں لائی جائے گی ایک آدمی سے بنام ولد سکنہ ضلع تحصیل کو آگاہ کیا جاتا ہے کہ مقدمہ عدالت میں دائر ہے اور تاریخ پیشی مقرر کی گئی ہے اصالتاً یا وکالتاً حاضر ہوں بصورت دیگر کارروائی یکطرفہ عمل میں لائی جائے گی ایک آدمی سے بنام ولد سکنہ ضلع تحصیل کو آگاہ کیا جاتا ہے کہ مقدمہ عدالت میں دائر ہے اور تاریخ پیشی
45
☆....... خبرنامہ .......☆
▣
ایک آدمی سے بنام ولد سکنہ ضلع تحصیل کو آگاہ کیا جاتا ہے کہ مقدمہ عدالت میں دائر ہے اور تاریخ پیشی مقرر کی گئی ہے اصالتاً یا وکالتاً حاضر ہوں بصورت دیگر کارروائی یکطرفہ عمل میں لائی جائے گی ایک آدمی سے بنام ولد سکنہ ضلع تحصیل کو آگاہ کیا جاتا ہے کہ مقدمہ عدالت میں دائر ہے اور تاریخ پیشی مقرر کی گئی ہے اصالتاً یا وکالتاً حاضر ہوں بصورت دیگر کارروائی یکطرفہ عمل میں لائی جائے گی ایک آدمی سے بنام
46
☆....... خبرنامہ .......☆
▣
ایک آدمی سے بنام ولد سکنہ ضلع تحصیل کو آگاہ کیا جاتا ہے کہ مقدمہ عدالت میں دائر ہے اور تاریخ پیشی مقرر کی گئی ہے اصالتاً یا وکالتاً حاضر ہوں بصورت دیگر کارروائی یکطرفہ عمل میں لائی جائے گی ایک آدمی سے بنام ولد سکنہ ضلع تحصیل کو آگاہ کیا جاتا ہے کہ مقدمہ عدالت میں دائر ہے اور تاریخ پیشی مقرر کی گئی ہے اصالتاً یا وکالتاً حاضر ہوں بصورت دیگر کارروائی یکطرفہ عمل میں لائی جائے گی ایک آدمی سے بنام
47
☆....... خبرنامہ .......☆
▣
ایک آدمی سے بنام ولد سکنہ ضلع تحصیل کو آگاہ کیا جاتا ہے کہ مقدمہ عدالت میں دائر ہے اور تاریخ پیشی مقرر کی گئی ہے اصالتاً یا
48
☆....... خبرنامہ .......☆
▣
ایک آدمی سے بنام ولد سکنہ ضلع تحصیل کو آگاہ کیا جاتا ہے کہ مقدمہ عدالت میں دائر ہے اور تاریخ پیشی مقرر کی گئی ہے اصالتاً یا وکالتاً حاضر ہوں بصورت دیگر کارروائی یکطرفہ عمل میں لائی جائے گی ایک آدمی سے بنام ولد سکنہ ضلع تحصیل کو آگاہ کیا جاتا ہے کہ مقدمہ عدالت میں دائر ہے اور تاریخ پیشی مقرر کی گئی ہے اصالتاً یا وکالتاً حاضر ہوں بصورت دیگر کارروائی یکطرفہ عمل میں لائی جائے گی ایک آدمی سے بنام ولد سکنہ ضلع تحصیل کو آگاہ کیا جاتا ہے کہ مقدمہ عدالت میں دائر ہے اور تاریخ پیشی مقرر کی گئی ہے اصالتاً یا وکالتاً حاضر ہوں بصورت دیگر کارروائی یکطرفہ عمل میں لائی جائے گی ایک آدمی سے بنام ولد سکنہ ضلع تحصیل کو آگاہ کیا جاتا ہے کہ مقدمہ عدالت میں دائر ہے اور تاریخ پیشی مقرر کی گئی ہے اصالتاً یا وکالتاً حاضر ہوں بصورت
49
☆....... خبرنامہ .......☆
▣
ایک آدمی سے بنام ولد سکنہ ضلع تحصیل کو آگاہ کیا جاتا ہے کہ مقدمہ عدالت میں دائر ہے اور تاریخ پیشی مقرر کی گئی ہے اصالتاً یا وکالتاً حاضر ہوں بصورت دیگر کارروائی یکطرفہ عمل میں لائی جائے گی ایک آدمی سے بنام ولد سکنہ ضلع تحصیل کو آگاہ کیا جاتا ہے کہ مقدمہ عدالت میں دائر ہے اور تاریخ پیشی مقرر کی گئی ہے اصالتاً یا وکالتاً حاضر ہوں بصورت دیگر کارروائی یکطرفہ عمل میں لائی جائے گی ایک آدمی سے بنام ولد سکنہ ضلع تحصیل کو آگاہ کیا جاتا ہے کہ مقدمہ عدالت میں دائر ہے اور تاریخ پیشی مقرر کی گئی ہے اصالتاً یا وکالتاً حاضر ہوں بصورت دیگر کارروائی یکطرفہ عمل میں
50
☆....... خبرنامہ .......☆
▣
ایک آدمی سے بنام ولد سکنہ ضلع تحصیل کو آگاہ کیا جاتا ہے کہ مقدمہ عدالت میں دائر ہے اور تاریخ پیشی مقرر کی گئی ہے اصالتاً یا وکالتاً حاضر ہوں بصورت دیگر کارروائی یکطرفہ عمل میں لائی جائے گی ایک آدمی سے بنام ولد سکنہ ضلع تحصیل کو آگاہ کیا جاتا ہے کہ مقدمہ عدالت میں دائر ہے اور تاریخ پیشی مقرر کی گئی ہے اصالتاً یا وکالتاً حاضر ہوں بصورت دیگر کارروائی یکطرفہ
51
☆....... خبرنامہ .......☆
▣
ایک آدمی سے بنام ولد سکنہ ضلع تحصیل کو آگاہ کیا جاتا ہے کہ مقدمہ عدالت میں دائر ہے اور تاریخ پیشی مقرر کی گئی ہے اصالتاً یا وکالتاً حاضر ہوں بصورت دیگر کارروائی یکطرفہ عمل میں لائی جائے گی ایک آدمی سے بنام ولد سکنہ ضلع تحصیل کو آگاہ کیا جاتا ہے کہ مقدمہ عدالت میں دائر ہے اور تاریخ پیشی مقرر کی گئی ہے اصالتاً یا وکالتاً حاضر ہوں بصورت دیگر کارروائی یکطرفہ عمل میں لائی جائے گی ایک آدمی سے بنام ولد سکنہ ضلع تحصیل کو آگاہ کیا جاتا ہے کہ مقدمہ عدالت میں دائر ہے اور تاریخ پیشی مقرر کی گئی ہے اصالتاً یا وکالتاً حاضر ہوں بصورت دیگر کارروائی یکطرفہ عمل میں
52
☆....... خبرنامہ .......☆
▣
ایک آدمی سے بنام ولد سکنہ ضلع تحصیل کو آگاہ کیا جاتا ہے کہ مقدمہ عدالت میں دائر ہے اور تاریخ پیشی مقرر کی گئی ہے اصالتاً یا وکالتاً حاضر ہوں بصورت دیگر کارروائی یکطرفہ عمل میں لائی جائے گی ایک آدمی سے بنام ولد سکنہ ضلع تحصیل کو آگاہ کیا جاتا ہے کہ مقدمہ عدالت میں دائر ہے اور تاریخ پیشی مقرر کی گئی ہے اصالتاً یا وکالتاً حاضر ہوں بصورت دیگر کارروائی یکطرفہ عمل میں لائی جائے گی ایک آدمی سے بنام ولد سکنہ ضلع تحصیل کو آگاہ کیا جاتا ہے کہ مقدمہ عدالت میں دائر ہے اور تاریخ پیشی مقرر کی گئی ہے اصالتاً یا وکالتاً حاضر ہوں بصورت دیگر کارروائی یکطرفہ عمل میں لائی جائے گی ایک آدمی سے بنام ولد سکنہ ضلع تحصیل کو آگاہ کیا جاتا ہے کہ مقدمہ عدالت میں دائر ہے اور تاریخ پیشی مقرر کی گئی ہے اصالتاً یا وکالتاً حاضر ہوں بصورت
53
☆....... خبرنامہ .......☆
▣
ایک آدمی سے بنام ولد سکنہ ضلع تحصیل کو آگاہ کیا جاتا ہے کہ مقدمہ عدالت میں دائر ہے اور تاریخ پیشی مقرر کی گئی ہے اصالتاً یا وکالتاً حاضر ہوں بصورت دیگر کارروائی یکطرفہ عمل میں لائی جائے گی ایک آدمی سے بنام ولد سکنہ ضلع تحصیل کو آگاہ کیا جاتا ہے کہ مقدمہ عدالت میں دائر ہے اور تاریخ پیشی مقرر کی گئی ہے اصالتاً یا وکالتاً حاضر ہوں بصورت دیگر کارروائی یکطرفہ عمل میں لائی جائے گی ایک آدمی سے بنام ولد سکنہ ضلع تحصیل کو آگاہ کیا جاتا ہے کہ مقدمہ عدالت میں دائر ہے اور تاریخ پیشی
54
☆....... خبرنامہ .......☆
▣
ایک آدمی سے بنام ولد سکنہ ضلع تحصیل کو آگاہ کیا جاتا ہے کہ مقدمہ عدالت میں دائر ہے اور تاریخ پیشی مقرر کی گئی ہے اصالتاً یا وکالتاً حاضر ہوں بصورت دیگر کارروائی یکطرفہ عمل میں لائی جائے گی ایک آدمی سے بنام ولد سکنہ ضلع تحصیل کو آگاہ کیا جاتا ہے کہ مقدمہ عدالت میں دائر ہے اور تاریخ پیشی مقرر کی گئی ہے اصالتاً یا وکالتاً حاضر ہوں بصورت دیگر کارروائی یکطرفہ عمل میں لائی جائے گی ایک آدمی سے بنام ولد سکنہ ضلع تحصیل کو آگاہ کیا جاتا ہے کہ مقدمہ عدالت میں دائر ہے اور تاریخ پیشی مقرر کی گئی ہے اصالتاً یا وکالتاً حاضر ہوں بصورت دیگر کارروائی یکطرفہ عمل میں لائی جائے گی ایک آدمی سے بنام ولد سکنہ
55
☆....... خبرنامہ .......☆
▣
ایک آدمی سے بنام ولد سکنہ ضلع تحصیل کو آگاہ کیا جاتا ہے کہ مقدمہ عدالت میں دائر ہے اور تاریخ پیشی مقرر کی گئی ہے اصالتاً یا وکالتاً حاضر ہوں بصورت دیگر کارروائی یکطرفہ عمل میں لائی جائے گی ایک آدمی سے بنام ولد سکنہ ضلع تحصیل کو آگاہ کیا جاتا ہے کہ مقدمہ عدالت میں دائر ہے اور تاریخ پیشی مقرر کی گئی ہے اصالتاً یا وکالتاً حاضر ہوں بصورت دیگر کارروائی یکطرفہ عمل میں لائی جائے گی ایک آدمی سے بنام ولد سکنہ ضلع تحصیل کو آگاہ کیا جاتا ہے کہ مقدمہ عدالت میں دائر ہے اور تاریخ پیشی مقرر کی گئی ہے اصالتاً یا وکالتاً حاضر ہوں بصورت دیگر کارروائی یکطرفہ عمل میں لائی جائے گی ایک آدمی سے بنام ولد سکنہ ضلع تحصیل کو آگاہ کیا جاتا ہے کہ مقدمہ عدالت میں دائر ہے اور تاریخ پیشی مقرر کی گئی ہے اصالتاً یا وکالتاً حاضر ہوں بصورت
56
☆....... خبرنامہ .......☆
▣
ایک آدمی سے بنام ولد سکنہ ضلع تحصیل کو آگاہ کیا جاتا ہے کہ مقدمہ عدالت میں دائر ہے اور تاریخ پیشی مقرر کی گئی ہے اصالتاً یا وکالتاً حاضر ہوں بصورت دیگر کارروائی یکطرفہ عمل میں لائی جائے گی ایک آدمی سے بنام ولد سکنہ ضلع تحصیل کو آگاہ کیا جاتا ہے کہ مقدمہ عدالت میں دائر ہے اور تاریخ پیشی مقرر کی گئی ہے اصالتاً یا وکالتاً حاضر ہوں بصورت دیگر کارروائی یکطرفہ عمل میں لائی جائے گی ایک آدمی سے بنام
57
☆....... خبرنامہ .......☆
▣
ایک آدمی سے بنام ولد سکنہ ضلع تحصیل کو آگاہ کیا جاتا ہے کہ مقدمہ عدالت میں دائر ہے اور تاریخ پیشی مقرر کی گئی ہے اصالتاً یا وکالتاً حاضر ہوں بصورت دیگر کارروائی یکطرفہ عمل میں لائی جائے گی ایک آدمی سے بنام ولد سکنہ ضلع تحصیل کو آگاہ کیا جاتا ہے کہ مقدمہ عدالت میں دائر ہے اور تاریخ پیشی مقرر کی گئی ہے اصالتاً یا وکالتاً حاضر ہوں بصورت دیگر کارروائی یکطرفہ عمل میں لائی جائے گی ایک آدمی سے بنام ولد سکنہ ضلع تحصیل کو آگاہ کیا جاتا ہے کہ مقدمہ عدالت میں دائر ہے اور تاریخ پیشی
58
☆....... خبرنامہ .......☆
▣
ایک آدمی سے بنام ولد سکنہ ضلع تحصیل کو آگاہ کیا جاتا ہے کہ مقدمہ عدالت میں دائر ہے اور تاریخ پیشی مقرر کی گئی ہے اصالتاً یا وکالتاً حاضر ہوں بصورت دیگر کارروائی یکطرفہ عمل میں لائی جائے گی ایک آدمی
59
☆....... خبرنامہ .......☆
▣
ایک آدمی سے بنام ولد سکنہ ضلع تحصیل کو آگاہ کیا جاتا ہے کہ مقدمہ عدالت میں دائر ہے اور تاریخ پیشی مقرر کی گئی ہے اصالتاً یا وکالتاً حاضر ہوں بصورت دیگر کارروائی یکطرفہ عمل میں لائی جائے گی ایک آدمی سے بنام ولد سکنہ ضلع تحصیل کو آگاہ کیا جاتا ہے کہ مقدمہ عدالت میں دائر ہے اور تاریخ پیشی مقرر کی گئی ہے اصالتاً یا وکالتاً حاضر ہوں بصورت دیگر کارروائی یکطرفہ
60
☆....... خبرنامہ .......☆
▣
ایک آدمی سے بنام ولد سکنہ ضلع تحصیل کو آگاہ کیا جاتا ہے کہ مقدمہ عدالت میں دائر ہے اور تاریخ پیشی مقرر کی گئی ہے اصالتاً یا وکالتاً حاضر ہوں بصورت دیگر کارروائی یکطرفہ عمل میں لائی جائے گی ایک آدمی سے بنام ولد سکنہ ضلع تحصیل کو آگاہ کیا جاتا ہے کہ مقدمہ عدالت میں دائر ہے اور تاریخ پیشی مقرر کی گئی ہے اصالتاً یا وکالتاً
61
☆....... خبرنامہ .......☆
▣
ایک آدمی سے بنام ولد سکنہ ضلع تحصیل کو آگاہ کیا جاتا ہے کہ مقدمہ عدالت میں دائر ہے اور تاریخ پیشی مقرر کی گئی ہے اصالتاً یا وکالتاً حاضر ہوں بصورت دیگر کارروائی
62
☆....... خبرنامہ .......☆
▣
ایک آدمی سے بنام ولد سکنہ ضلع تحصیل کو آگاہ کیا جاتا ہے کہ مقدمہ عدالت میں دائر ہے اور تاریخ پیشی مقرر کی گئی ہے اصالتاً یا وکالتاً حاضر ہوں بصورت دیگر کارروائی یکطرفہ عمل میں لائی جائے گی ایک آدمی سے بنام ولد سکنہ ضلع تحصیل کو آگاہ کیا جاتا ہے کہ مقدمہ عدالت میں دائر ہے اور تاریخ پیشی مقرر کی گئی ہے اصالتاً یا وکالتاً حاضر ہوں بصورت دیگر کارروائی یکطرفہ عمل میں لائی جائے گی ایک آدمی سے بنام ولد سکنہ ضلع تحصیل کو آگاہ کیا جاتا ہے کہ مقدمہ عدالت میں دائر ہے اور تاریخ پیشی مقرر کی گئی ہے اصالتاً یا وکالتاً حاضر ہوں بصورت دیگر کارروائی یکطرفہ عمل میں لائی جائے گی ایک آدمی سے بنام ولد سکنہ ضلع تحصیل کو آگاہ کیا جاتا ہے کہ مقدمہ عدالت میں دائر ہے اور تاریخ پیشی مقرر کی
63
☆....... خبرنامہ .......☆
▣
ایک آدمی سے بنام ولد سکنہ ضلع تحصیل کو آگاہ کیا جاتا ہے کہ مقدمہ عدالت میں دائر ہے اور تاریخ پیشی مقرر کی گئی ہے اصالتاً یا وکالتاً حاضر ہوں بصورت دیگر کارروائی یکطرفہ عمل میں لائی جائے گی ایک آدمی سے بنام ولد سکنہ ضلع تحصیل کو آگاہ کیا جاتا ہے کہ مقدمہ عدالت میں دائر ہے اور تاریخ پیشی مقرر کی گئی ہے اصالتاً یا وکالتاً حاضر ہوں بصورت دیگر کارروائی یکطرفہ عمل میں لائی جائے گی ایک آدمی سے بنام ولد سکنہ ضلع تحصیل کو آگاہ کیا جاتا ہے کہ مقدمہ عدالت میں دائر ہے اور تاریخ پیشی مقرر کی گئی ہے اصالتاً یا وکالتاً حاضر ہوں بصورت دیگر کارروائی یکطرفہ عمل میں لائی جائے گی ایک آدمی سے بنام ولد سکنہ ضلع تحصیل کو آگاہ کیا جاتا ہے کہ مقدمہ عدالت میں دائر ہے اور تاریخ پیشی مقرر کی گئی ہے اصالتاً یا وکالتاً حاضر ہوں بصورت
64
☆....... خبرنامہ .......☆
▣
ایک آدمی سے بنام ولد سکنہ ضلع تحصیل کو آگاہ کیا جاتا ہے کہ مقدمہ عدالت میں دائر ہے اور تاریخ پیشی مقرر کی گئی ہے اصالتاً یا وکالتاً حاضر ہوں بصورت دیگر کارروائی یکطرفہ عمل میں لائی جائے گی ایک آدمی سے بنام ولد سکنہ ضلع تحصیل کو آگاہ کیا جاتا ہے کہ مقدمہ عدالت میں دائر ہے اور تاریخ پیشی مقرر کی گئی ہے اصالتاً یا وکالتاً حاضر ہوں بصورت دیگر کارروائی یکطرفہ عمل میں لائی جائے گی ایک آدمی سے بنام ولد سکنہ ضلع تحصیل کو آگاہ کیا جاتا ہے کہ مقدمہ عدالت میں دائر ہے اور تاریخ پیشی مقرر کی گئی ہے اصالتاً یا وکالتاً حاضر ہوں
65
☆....... خبرنامہ .......☆
▣
ایک آدمی سے بنام ولد سکنہ ضلع تحصیل کو آگاہ کیا جاتا ہے کہ مقدمہ عدالت میں دائر ہے اور تاریخ پیشی مقرر کی گئی ہے اصالتاً یا وکالتاً حاضر ہوں بصورت دیگر کارروائی یکطرفہ عمل میں لائی جائے گی ایک آدمی سے بنام ولد سکنہ ضلع تحصیل کو آگاہ کیا جاتا ہے کہ مقدمہ عدالت میں دائر ہے اور تاریخ پیشی مقرر کی گئی ہے اصالتاً یا وکالتاً حاضر ہوں بصورت دیگر کارروائی یکطرفہ عمل میں لائی جائے گی ایک آدمی سے بنام ولد سکنہ ضلع تحصیل کو آگاہ کیا جاتا ہے کہ مقدمہ عدالت میں دائر ہے اور تاریخ پیشی مقرر کی گئی ہے اصالتاً یا وکالتاً حاضر ہوں بصورت دیگر کارروائی یکطرفہ عمل میں لائی جائے گی ایک آدمی سے بنام ولد سکنہ ضلع تحصیل کو آگاہ کیا جاتا ہے کہ مقدمہ عدالت میں دائر ہے اور تاریخ پیشی مقرر کی گئی ہے اصالتاً یا وکالتاً حاضر ہوں بصورت دیگر کارروائی یکطرفہ عمل میں لائی جائے گی ایک آدمی سے بنام ولد سکنہ ضلع تحصیل کو آگاہ کیا جاتا ہے کہ مقدمہ عدالت میں دائر ہے اور تاریخ پیشی مقرر کی گئی ہے اصالتاً یا وکالتاً حاضر ہوں بصورت دیگر کارروائی یکطرفہ عمل میں لائی جائے گی ایک آدمی سے بنام ولد سکنہ ضلع تحصیل کو آگاہ کیا جاتا ہے کہ مقدمہ عدالت میں دائر ہے اور تاریخ پیشی مقرر کی گئی ہے اصالتاً یا وکالتاً حاضر ہوں بصورت دیگر کارروائی یکطرفہ عمل میں لائی جائے گی ایک آدمی
66
☆....... خبرنامہ .......☆
▣
ایک آدمی سے بنام ولد سکنہ ضلع تحصیل کو
67
☆....... خبرنامہ .......☆
▣
ایک آدمی سے بنام ولد سکنہ ضلع تحصیل کو آگاہ کیا جاتا ہے کہ مقدمہ عدالت میں دائر ہے اور تاریخ پیشی مقرر کی گئی ہے اصالتاً یا وکالتاً حاضر ہوں بصورت دیگر کارروائی یکطرفہ عمل میں لائی جائے گی ایک آدمی سے بنام ولد سکنہ ضلع تحصیل کو آگاہ کیا جاتا ہے کہ مقدمہ عدالت میں دائر ہے اور تاریخ پیشی مقرر کی گئی ہے اصالتاً یا وکالتاً حاضر ہوں بصورت دیگر کارروائی یکطرفہ عمل میں لائی جائے گی ایک آدمی سے بنام ولد سکنہ ضلع تحصیل کو آگاہ کیا جاتا ہے کہ مقدمہ عدالت میں دائر ہے اور تاریخ پیشی مقرر کی گئی ہے اصالتاً یا وکالتاً حاضر ہوں بصورت دیگر کارروائی یکطرفہ عمل میں لائی جائے گی ایک آدمی سے بنام ولد سکنہ ضلع تحصیل کو آگاہ کیا جاتا ہے کہ مقدمہ عدالت میں دائر ہے اور تاریخ پیشی مقرر کی گئی ہے اصالتاً یا وکالتاً حاضر ہوں بصورت دیگر کارروائی یکطرفہ عمل میں لائی جائے گی ایک آدمی سے بنام ولد سکنہ ضلع تحصیل کو آگاہ کیا جاتا ہے کہ مقدمہ عدالت میں دائر ہے اور تاریخ پیشی مقرر کی گئی ہے اصالتاً یا وکالتاً حاضر ہوں بصورت
68
☆....... خبرنامہ .......☆
▣
ایک آدمی سے بنام ولد سکنہ ضلع تحصیل کو آگاہ کیا جاتا ہے کہ مقدمہ عدالت میں دائر ہے اور تاریخ پیشی مقرر کی گئی ہے اصالتاً یا وکالتاً حاضر ہوں بصورت دیگر کارروائی یکطرفہ عمل میں لائی جائے گی ایک آدمی سے بنام ولد سکنہ ضلع تحصیل کو آگاہ کیا جاتا ہے کہ مقدمہ عدالت میں دائر ہے اور تاریخ پیشی مقرر کی گئی ہے اصالتاً یا وکالتاً حاضر ہوں بصورت دیگر کارروائی یکطرفہ عمل میں لائی جائے گی ایک آدمی سے بنام ولد سکنہ ضلع تحصیل کو آگاہ کیا جاتا ہے کہ مقدمہ عدالت میں دائر ہے اور تاریخ پیشی مقرر کی گئی ہے اصالتاً یا وکالتاً حاضر ہوں بصورت دیگر کارروائی یکطرفہ عمل میں لائی جائے گی ایک آدمی سے بنام ولد سکنہ ضلع تحصیل کو آگاہ کیا جاتا ہے کہ مقدمہ عدالت میں دائر ہے اور تاریخ پیشی مقرر کی گئی ہے اصالتاً یا
69
☆....... خبرنامہ .......☆
▣
ایک آدمی سے بنام ولد سکنہ ضلع تحصیل کو آگاہ کیا جاتا ہے کہ مقدمہ عدالت میں دائر ہے اور تاریخ پیشی مقرر کی گئی ہے اصالتاً یا وکالتاً حاضر ہوں بصورت دیگر کارروائی یکطرفہ عمل میں لائی جائے گی ایک آدمی سے بنام ولد سکنہ ضلع تحصیل کو آگاہ کیا جاتا ہے کہ مقدمہ عدالت میں دائر ہے اور تاریخ پیشی مقرر کی گئی ہے اصالتاً یا وکالتاً حاضر ہوں بصورت دیگر کارروائی یکطرفہ عمل میں لائی جائے گی ایک آدمی سے بنام ولد سکنہ ضلع تحصیل کو آگاہ کیا جاتا ہے کہ مقدمہ عدالت میں دائر ہے اور تاریخ پیشی مقرر کی گئی ہے اصالتاً یا وکالتاً حاضر ہوں بصورت دیگر کارروائی یکطرفہ عمل میں لائی جائے گی ایک آدمی سے بنام ولد سکنہ ضلع تحصیل کو آگاہ کیا جاتا ہے کہ مقدمہ عدالت میں دائر ہے اور تاریخ پیشی مقرر کی گئی ہے اصالتاً یا وکالتاً حاضر ہوں بصورت دیگر کارروائی یکطرفہ عمل میں لائی جائے گی ایک آدمی سے بنام ولد سکنہ ضلع تحصیل کو آگاہ کیا جاتا ہے کہ مقدمہ عدالت میں دائر ہے اور تاریخ پیشی مقرر کی گئی ہے اصالتاً یا وکالتاً حاضر ہوں بصورت دیگر کارروائی یکطرفہ عمل میں لائی جائے گی ایک آدمی سے بنام ولد سکنہ ضلع تحصیل کو آگاہ کیا جاتا ہے کہ مقدمہ عدالت میں دائر ہے اور تاریخ پیشی مقرر کی گئی ہے اصالتاً یا وکالتاً حاضر ہوں بصورت دیگر کارروائی یکطرفہ عمل میں لائی جائے گی ایک آدمی سے بنام ولد سکنہ ضلع تحصیل کو آگاہ کیا جاتا ہے کہ مقدمہ عدالت میں دائر ہے اور تاریخ پیشی مقرر کی گئی ہے اصالتاً یا وکالتاً حاضر ہوں بصورت دیگر کارروائی یکطرفہ عمل میں لائی جائے گی ایک آدمی سے بنام ولد سکنہ ضلع تحصیل کو آگاہ کیا جاتا ہے کہ مقدمہ عدالت میں دائر ہے اور تاریخ پیشی مقرر کی گئی ہے اصالتاً یا وکالتاً حاضر ہوں بصورت دیگر کارروائی یکطرفہ عمل میں لائی جائے گی ایک آدمی سے بنام ولد سکنہ ضلع تحصیل کو آگاہ کیا جاتا ہے کہ مقدمہ عدالت میں دائر ہے اور تاریخ پیشی مقرر کی گئی ہے اصالتاً یا وکالتاً حاضر ہوں
70
☆....... خبرنامہ .......☆
▣
ایک آدمی سے بنام ولد سکنہ ضلع تحصیل کو آگاہ کیا جاتا ہے کہ مقدمہ عدالت میں دائر ہے اور تاریخ پیشی مقرر کی گئی ہے اصالتاً یا وکالتاً حاضر ہوں بصورت دیگر کارروائی یکطرفہ عمل میں لائی جائے گی ایک آدمی سے بنام ولد سکنہ ضلع تحصیل کو آگاہ کیا جاتا ہے کہ مقدمہ عدالت میں دائر ہے اور تاریخ پیشی مقرر کی گئی ہے اصالتاً یا وکالتاً حاضر ہوں بصورت دیگر کارروائی یکطرفہ عمل میں لائی جائے گی ایک آدمی سے بنام ولد سکنہ ضلع تحصیل کو آگاہ
3-06-2025 92/2025 12-06-2025
ایک آدمی سے بنام ولد سکنہ ضلع تحصیل کو آگاہ کیا جاتا ہے کہ مقدمہ عدالت میں دائر ہے اور تاریخ پیشی مقرر کی گئی ہے اصالتاً یا وکالتاً حاضر ہوں بصورت دیگر کارروائی یکطرفہ عمل میں لائی جائے گی
25-05-2010 12-06-2025
ایک آدمی سے بنام ولد سکنہ ضلع تحصیل کو آگاہ کیا جاتا ہے کہ مقدمہ عدالت میں دائر ہے اور تاریخ پیشی مقرر کی گئی ہے اصالتاً یا وکالتاً حاضر ہوں بصورت دیگر کارروائی یکطرفہ عمل میں لائی جائے گی
3-06-2025 93/2025 13-06-2025
ایک آدمی سے بنام ولد سکنہ ضلع تحصیل کو آگاہ کیا جاتا ہے کہ مقدمہ عدالت میں دائر ہے اور تاریخ پیشی مقرر کی گئی ہے اصالتاً یا وکالتاً حاضر ہوں بصورت دیگر کارروائی یکطرفہ عمل میں لائی جائے گی
25-04-2022 13-06-2025
ایک آدمی سے بنام ولد سکنہ ضلع تحصیل کو آگاہ کیا جاتا ہے کہ مقدمہ عدالت میں دائر ہے اور تاریخ پیشی مقرر کی گئی ہے اصالتاً یا وکالتاً حاضر ہوں بصورت دیگر کارروائی یکطرفہ عمل میں لائی جائے گی
